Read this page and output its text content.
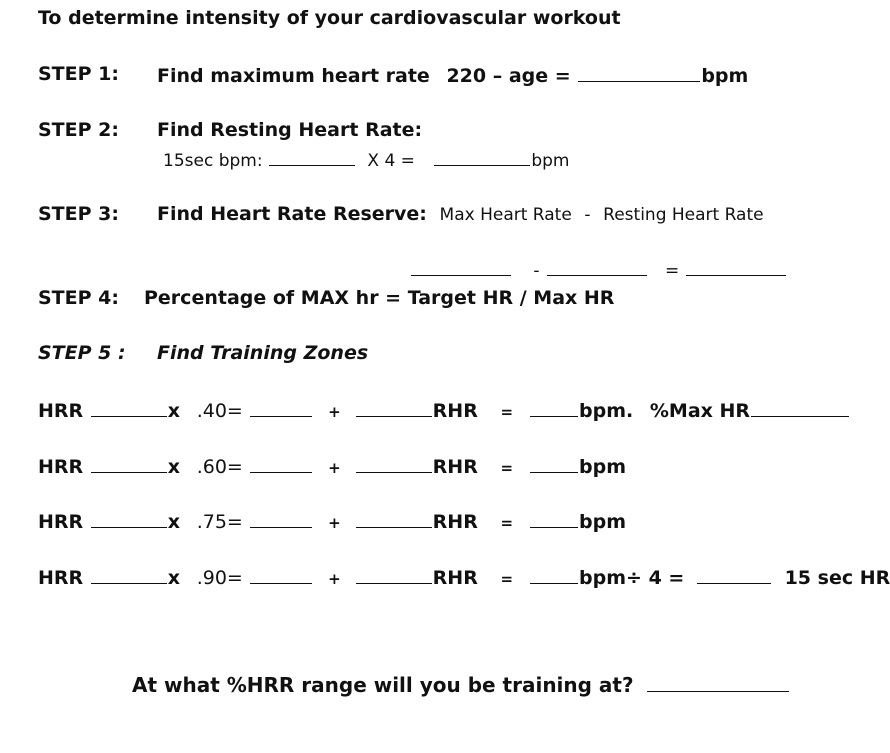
To determine intensity of your cardiovascular workout
STEP 1: Find maximum heart rate 220 – age =	bpm
STEP 2: Find Resting Heart Rate:
15sec bpm:	X 4 =	bpm
STEP 3: Find Heart Rate Reserve: Max Heart Rate - Resting Heart Rate
-	=
STEP 4: Percentage of MAX hr = Target HR / Max HR
STEP 5 : Find Training Zones
HRR	x .40=	+	RHR =	bpm. %Max HR
HRR	x .60=	+	RHR =	bpm
HRR	x .75=	+	RHR =	bpm
HRR	x .90=	+	RHR =	bpm÷ 4 =	15 sec HR
At what %HRR range will you be training at?
